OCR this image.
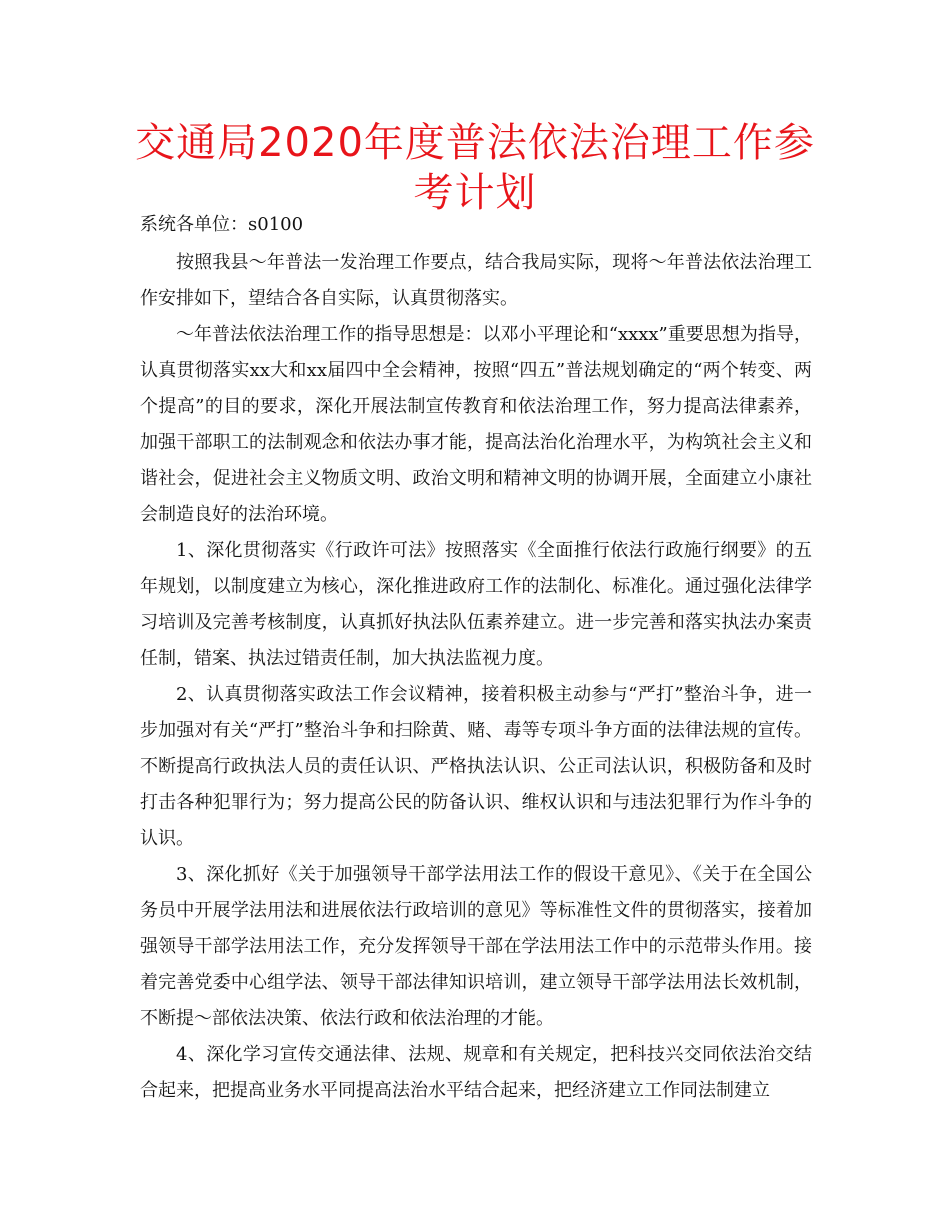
交通局2020年度普法依法治理工作参考计划

系统各单位：s0100

按照我县～年普法一发治理工作要点，结合我局实际，现将～年普法依法治理工作安排如下，望结合各自实际，认真贯彻落实。

～年普法依法治理工作的指导思想是：以邓小平理论和“xxxx”重要思想为指导，认真贯彻落实xx大和xx届四中全会精神，按照“四五”普法规划确定的“两个转变、两个提高”的目的要求，深化开展法制宣传教育和依法治理工作，努力提高法律素养，加强干部职工的法制观念和依法办事才能，提高法治化治理水平，为构筑社会主义和谐社会，促进社会主义物质文明、政治文明和精神文明的协调开展，全面建立小康社会制造良好的法治环境。

1、深化贯彻落实《行政许可法》按照落实《全面推行依法行政施行纲要》的五年规划，以制度建立为核心，深化推进政府工作的法制化、标准化。通过强化法律学习培训及完善考核制度，认真抓好执法队伍素养建立。进一步完善和落实执法办案责任制，错案、执法过错责任制，加大执法监视力度。

2、认真贯彻落实政法工作会议精神，接着积极主动参与“严打”整治斗争，进一步加强对有关“严打”整治斗争和扫除黄、赌、毒等专项斗争方面的法律法规的宣传。不断提高行政执法人员的责任认识、严格执法认识、公正司法认识，积极防备和及时打击各种犯罪行为；努力提高公民的防备认识、维权认识和与违法犯罪行为作斗争的认识。

3、深化抓好《关于加强领导干部学法用法工作的假设干意见》、《关于在全国公务员中开展学法用法和进展依法行政培训的意见》等标准性文件的贯彻落实，接着加强领导干部学法用法工作，充分发挥领导干部在学法用法工作中的示范带头作用。接着完善党委中心组学法、领导干部法律知识培训，建立领导干部学法用法长效机制，不断提～部依法决策、依法行政和依法治理的才能。

4、深化学习宣传交通法律、法规、规章和有关规定，把科技兴交同依法治交结合起来，把提高业务水平同提高法治水平结合起来，把经济建立工作同法制建立
